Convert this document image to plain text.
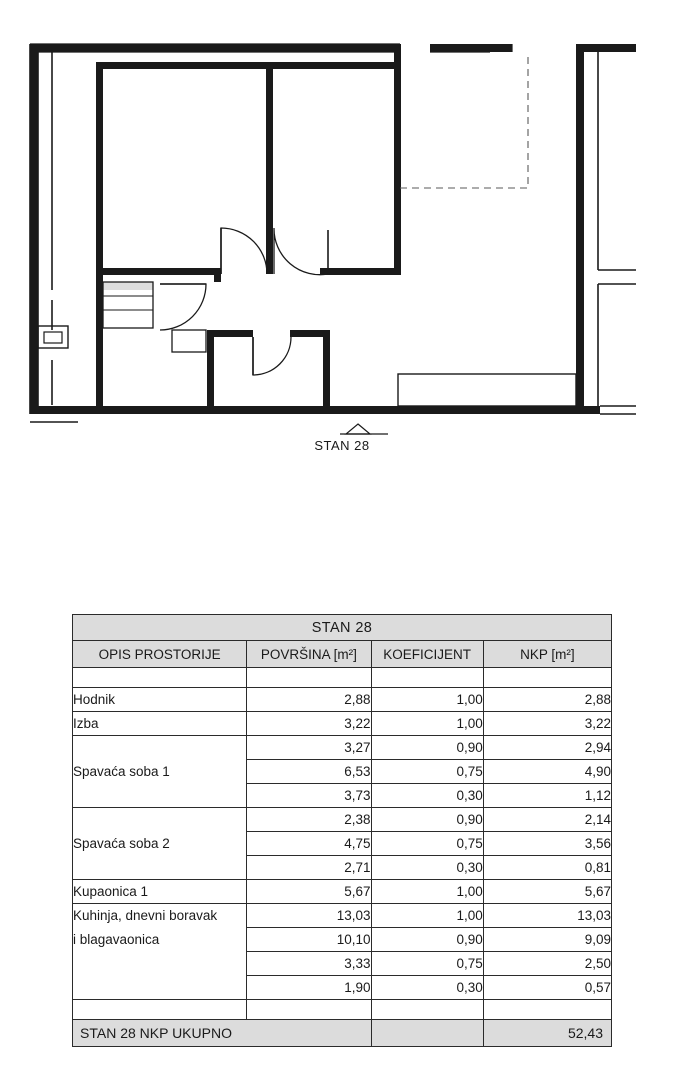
STAN 28
STAN 28			
OPIS PROSTORIJE	POVRŠINA [m²]	KOEFICIJENT	NKP [m²]

Hodnik	2,88	1,00	2,88
Izba	3,22	1,00	3,22
Spavaća soba 1	3,27	0,90	2,94
	6,53	0,75	4,90
	3,73	0,30	1,12
Spavaća soba 2	2,38	0,90	2,14
	4,75	0,75	3,56
	2,71	0,30	0,81
Kupaonica 1	5,67	1,00	5,67
Kuhinja, dnevni boravak	13,03	1,00	13,03
i blagavaonica	10,10	0,90	9,09
	3,33	0,75	2,50
	1,90	0,30	0,57

STAN 28 NKP UKUPNO			52,43
